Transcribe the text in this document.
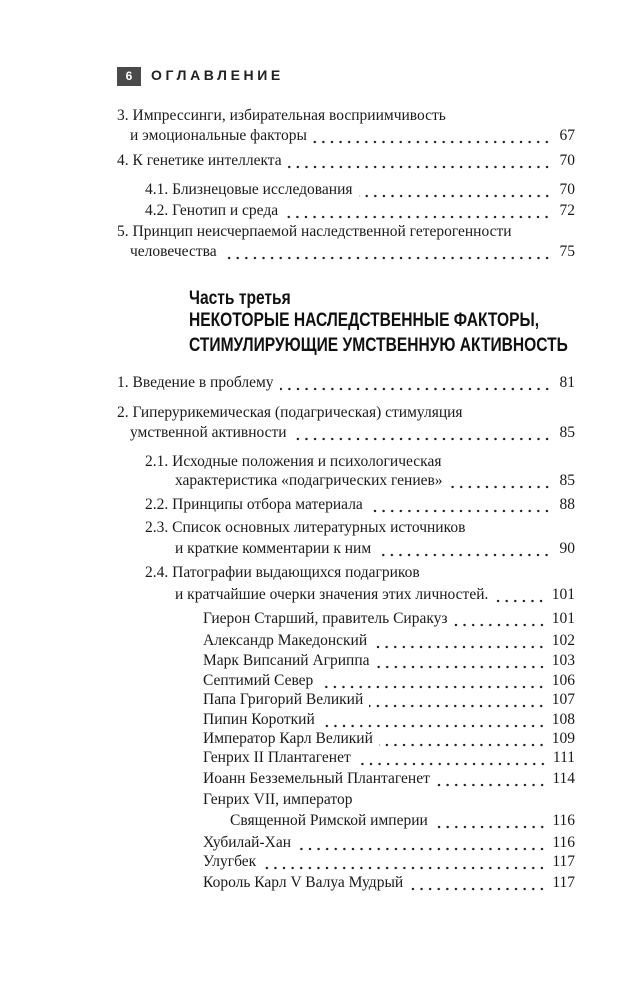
6	ОГЛАВЛЕНИЕ
Часть третья
НЕКОТОРЫЕ НАСЛЕДСТВЕННЫЕ ФАКТОРЫ,
СТИМУЛИРУЮЩИЕ УМСТВЕННУЮ АКТИВНОСТЬ
3. Импрессинги, избирательная восприимчивость
и эмоциональные факторы	67
4. К генетике интеллекта	70
4.1. Близнецовые исследования	70
4.2. Генотип и среда	72
5. Принцип неисчерпаемой наследственной гетерогенности
человечества	75
1. Введение в проблему	81
2. Гиперурикемическая (подагрическая) стимуляция
умственной активности	85
2.1. Исходные положения и психологическая
характеристика «подагрических гениев»	85
2.2. Принципы отбора материала	88
2.3. Список основных литературных источников
и краткие комментарии к ним	90
2.4. Патографии выдающихся подагриков
и кратчайшие очерки значения этих личностей.	101
Гиерон Старший, правитель Сиракуз	101
Александр Македонский	102
Марк Випсаний Агриппа	103
Септимий Север	106
Папа Григорий Великий	107
Пипин Короткий	108
Император Карл Великий	109
Генрих II Плантагенет	111
Иоанн Безземельный Плантагенет	114
Генрих VII, император
Священной Римской империи	116
Хубилай-Хан	116
Улугбек	117
Король Карл V Валуа Мудрый	117
